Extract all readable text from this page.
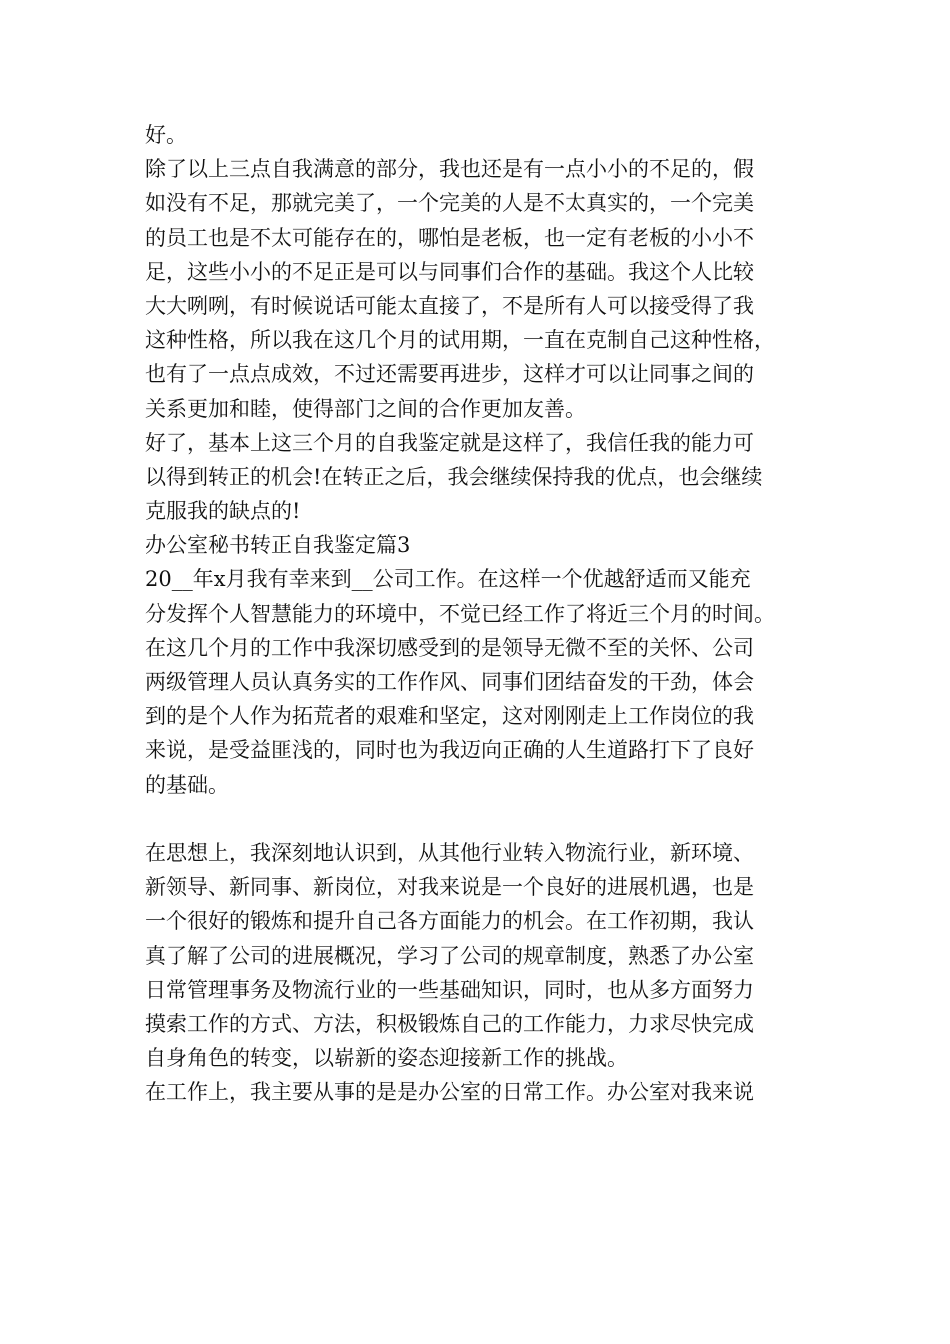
好。
除了以上三点自我满意的部分，我也还是有一点小小的不足的，假
如没有不足，那就完美了，一个完美的人是不太真实的，一个完美
的员工也是不太可能存在的，哪怕是老板，也一定有老板的小小不
足，这些小小的不足正是可以与同事们合作的基础。我这个人比较
大大咧咧，有时候说话可能太直接了，不是所有人可以接受得了我
这种性格，所以我在这几个月的试用期，一直在克制自己这种性格，
也有了一点点成效，不过还需要再进步，这样才可以让同事之间的
关系更加和睦，使得部门之间的合作更加友善。
好了，基本上这三个月的自我鉴定就是这样了，我信任我的能力可
以得到转正的机会!在转正之后，我会继续保持我的优点，也会继续
克服我的缺点的!
办公室秘书转正自我鉴定篇3
20__年x月我有幸来到__公司工作。在这样一个优越舒适而又能充
分发挥个人智慧能力的环境中，不觉已经工作了将近三个月的时间。
在这几个月的工作中我深切感受到的是领导无微不至的关怀、公司
两级管理人员认真务实的工作作风、同事们团结奋发的干劲，体会
到的是个人作为拓荒者的艰难和坚定，这对刚刚走上工作岗位的我
来说，是受益匪浅的，同时也为我迈向正确的人生道路打下了良好
的基础。
在思想上，我深刻地认识到，从其他行业转入物流行业，新环境、
新领导、新同事、新岗位，对我来说是一个良好的进展机遇，也是
一个很好的锻炼和提升自己各方面能力的机会。在工作初期，我认
真了解了公司的进展概况，学习了公司的规章制度，熟悉了办公室
日常管理事务及物流行业的一些基础知识，同时，也从多方面努力
摸索工作的方式、方法，积极锻炼自己的工作能力，力求尽快完成
自身角色的转变，以崭新的姿态迎接新工作的挑战。
在工作上，我主要从事的是是办公室的日常工作。办公室对我来说
